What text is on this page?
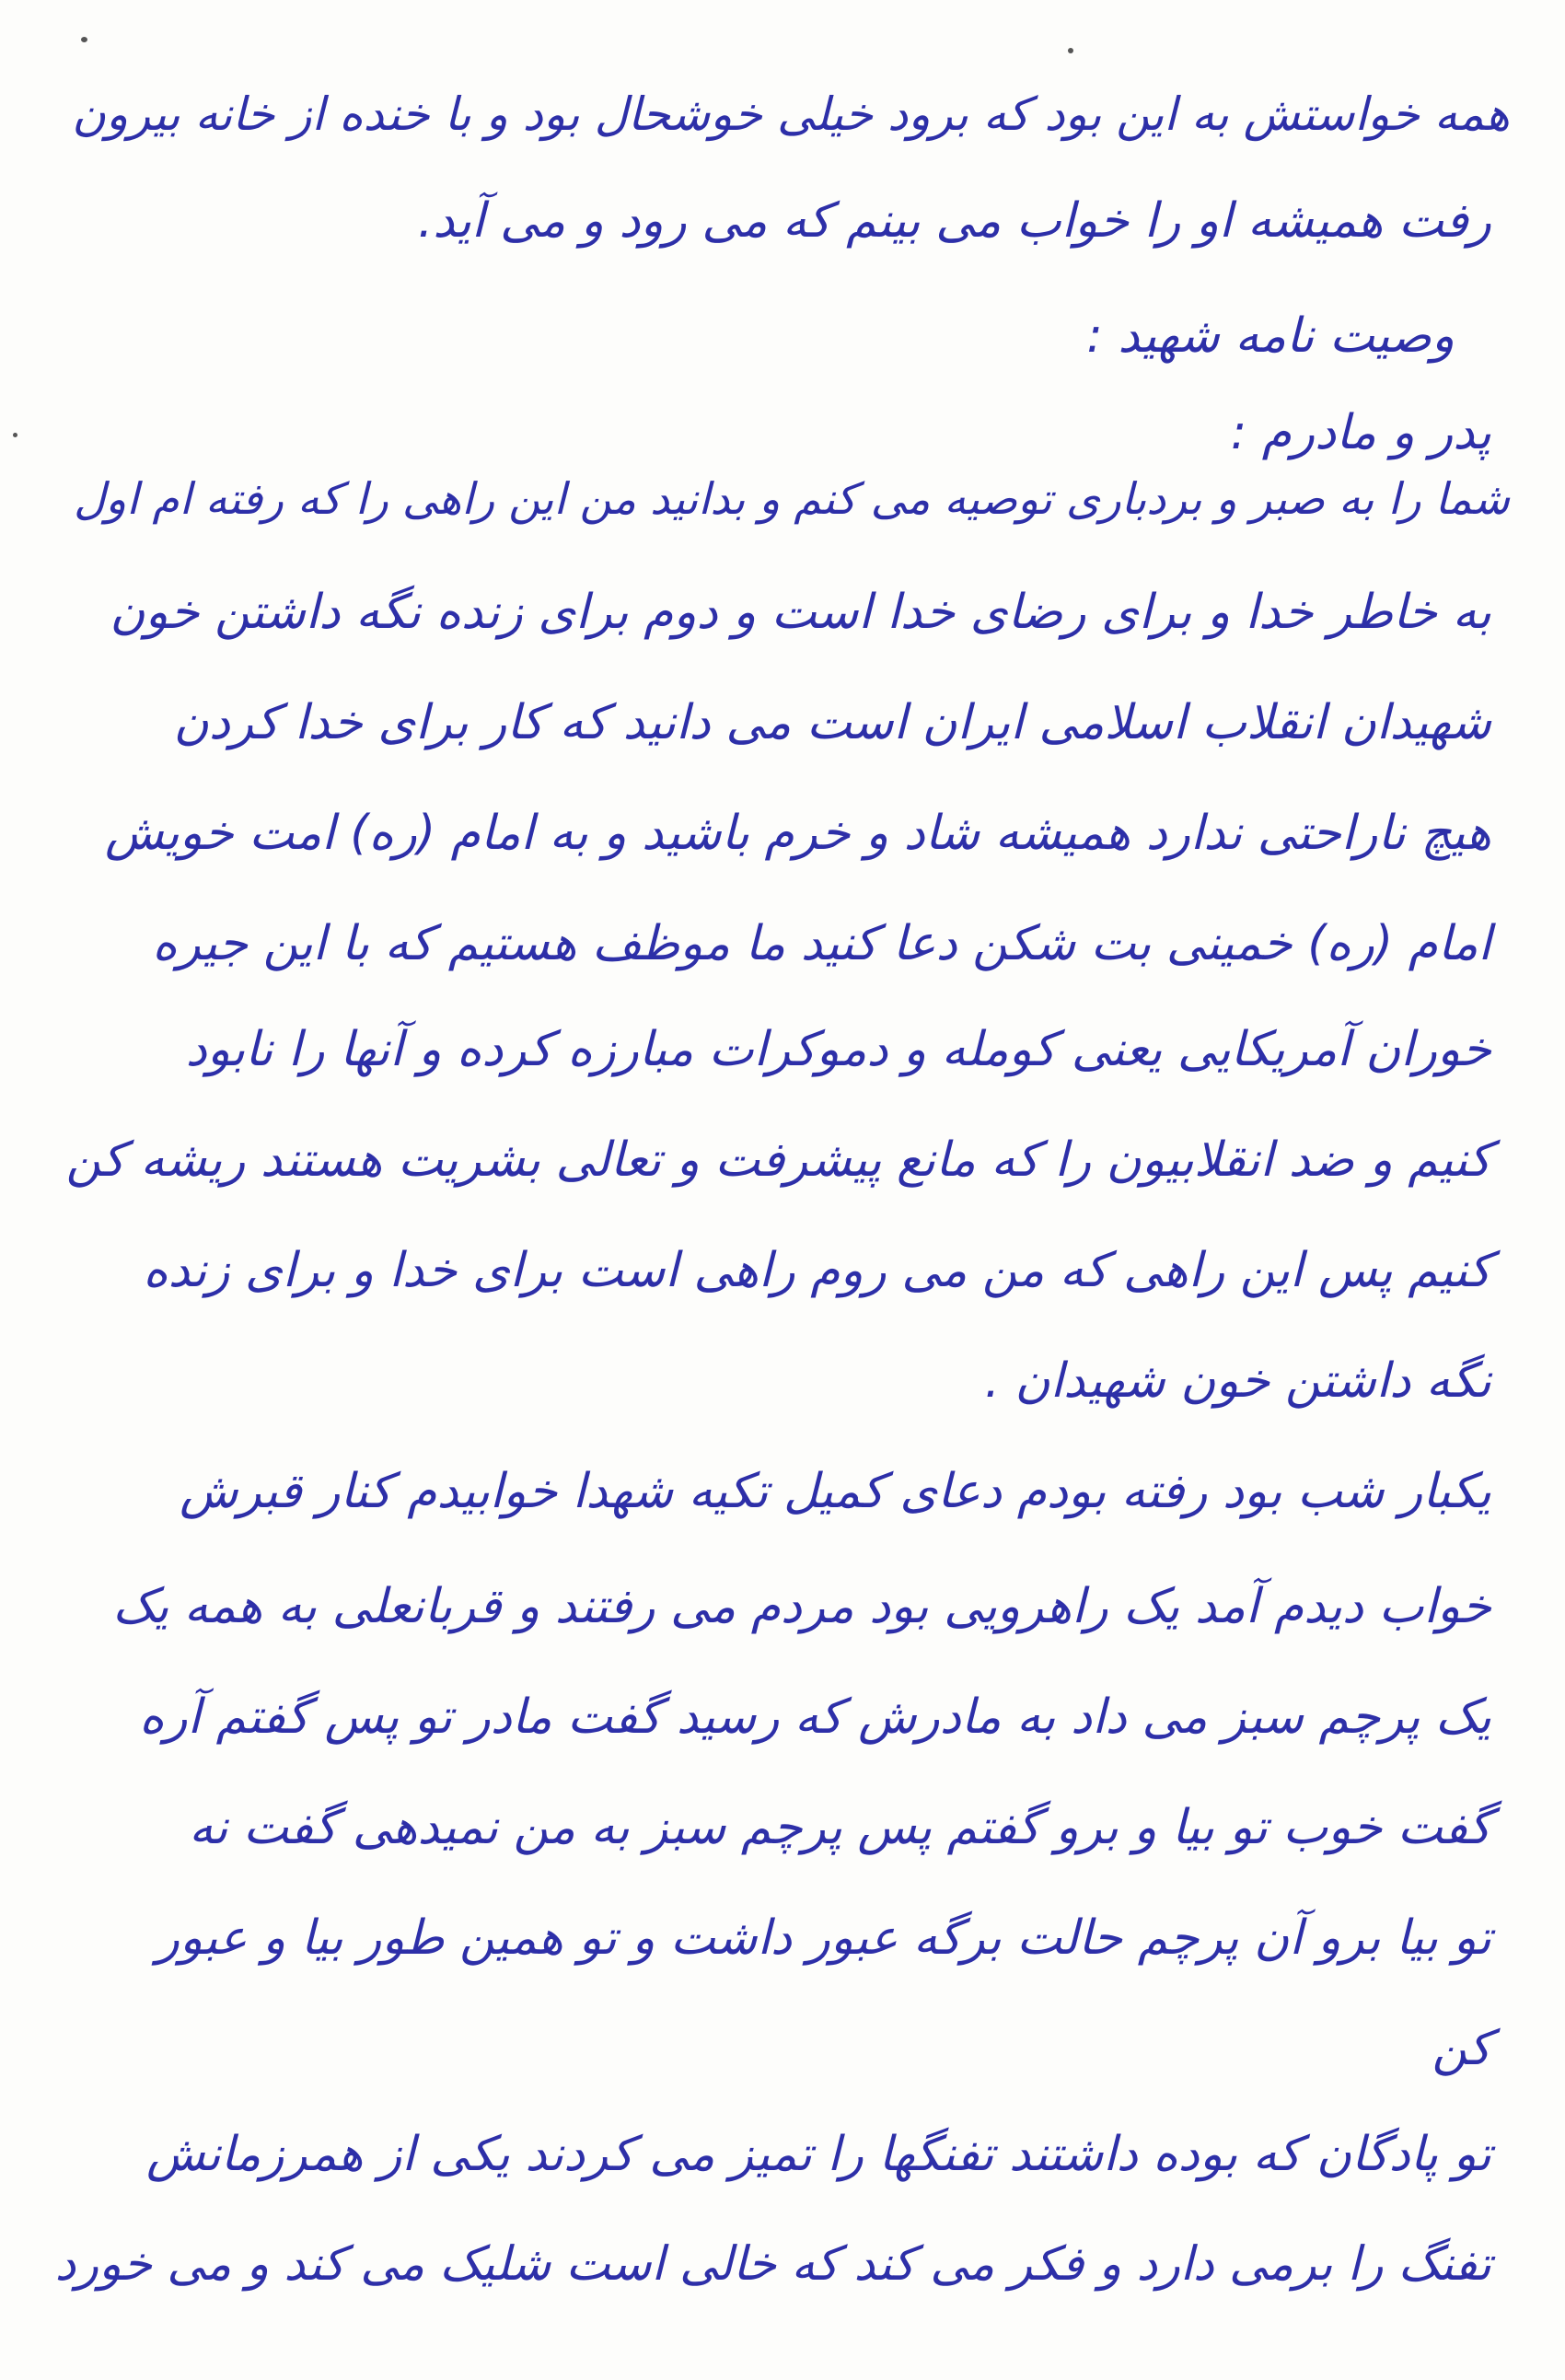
همه خواستش به این بود که برود خیلی خوشحال بود و با خنده از خانه بیرون
رفت همیشه او را خواب می بینم که می رود و می آید.
وصیت نامه شهید :
پدر و مادرم :
شما را به صبر و بردباری توصیه می کنم و بدانید من این راهی را که رفته ام اول
به خاطر خدا و برای رضای خدا است و دوم برای زنده نگه داشتن خون
شهیدان انقلاب اسلامی ایران است می دانید که کار برای خدا کردن
هیچ ناراحتی ندارد همیشه شاد و خرم باشید و به امام (ره) امت خویش
امام (ره) خمینی بت شکن دعا کنید ما موظف هستیم که با این جیره
خوران آمریکایی یعنی کومله و دموکرات مبارزه کرده و آنها را نابود
کنیم و ضد انقلابیون را که مانع پیشرفت و تعالی بشریت هستند ریشه کن
کنیم پس این راهی که من می روم راهی است برای خدا و برای زنده
نگه داشتن خون شهیدان .
یکبار شب بود رفته بودم دعای کمیل تکیه شهدا خوابیدم کنار قبرش
خواب دیدم آمد یک راهرویی بود مردم می رفتند و قربانعلی به همه یک
یک پرچم سبز می داد به مادرش که رسید گفت مادر تو پس گفتم آره
گفت خوب تو بیا و برو گفتم پس پرچم سبز به من نمیدهی گفت نه
تو بیا برو آن پرچم حالت برگه عبور داشت و تو همین طور بیا و عبور
کن
تو پادگان که بوده داشتند تفنگها را تمیز می کردند یکی از همرزمانش
تفنگ را برمی دارد و فکر می کند که خالی است شلیک می کند و می خورد
